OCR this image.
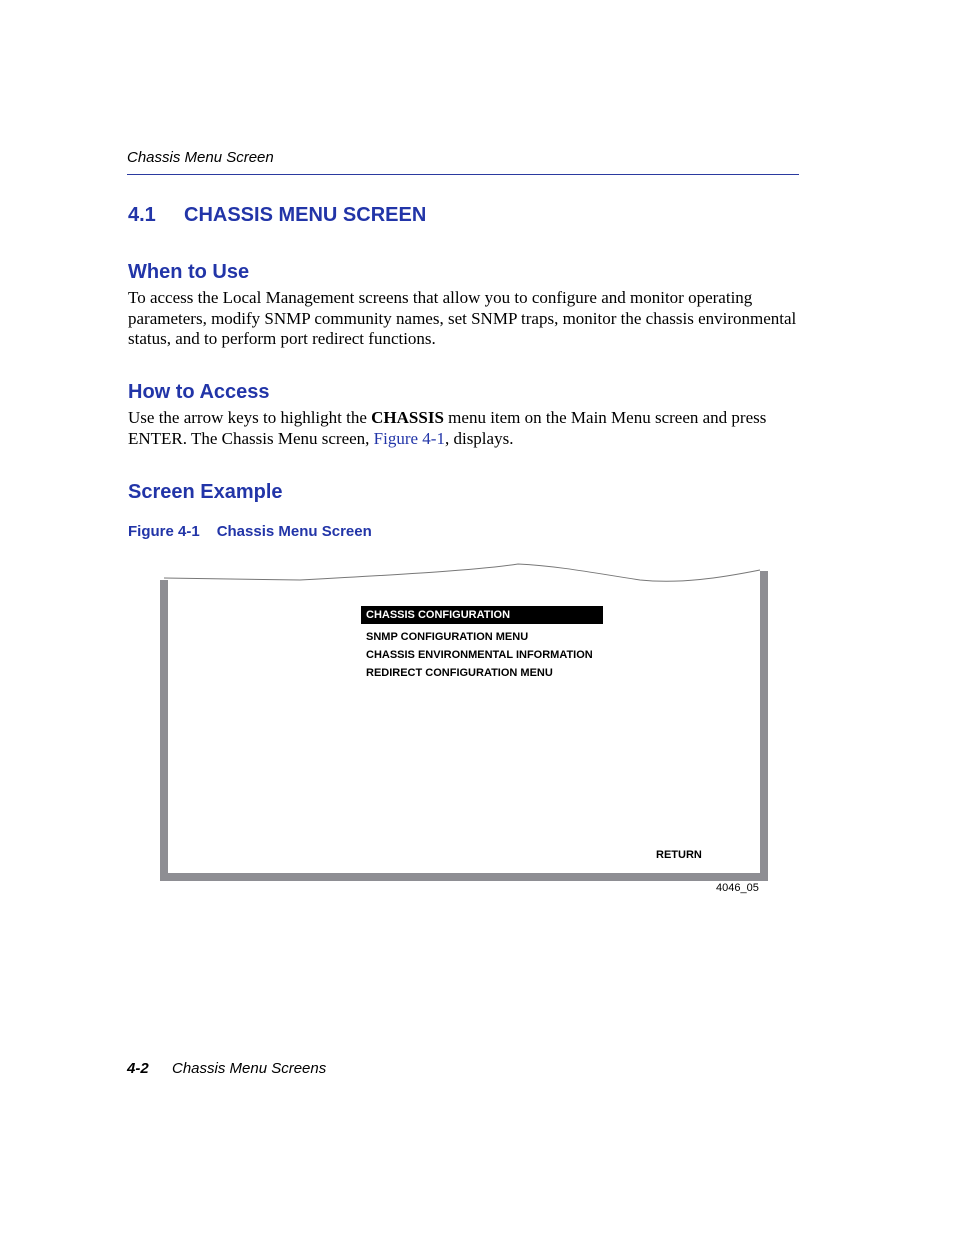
Chassis Menu Screen
4.1 CHASSIS MENU SCREEN
When to Use
To access the Local Management screens that allow you to configure and monitor operating parameters, modify SNMP community names, set SNMP traps, monitor the chassis environmental status, and to perform port redirect functions.
How to Access
Use the arrow keys to highlight the CHASSIS menu item on the Main Menu screen and press ENTER. The Chassis Menu screen, Figure 4-1, displays.
Screen Example
Figure 4-1 Chassis Menu Screen
CHASSIS CONFIGURATION
SNMP CONFIGURATION MENU
CHASSIS ENVIRONMENTAL INFORMATION
REDIRECT CONFIGURATION MENU
RETURN
4046_05
4-2 Chassis Menu Screens
